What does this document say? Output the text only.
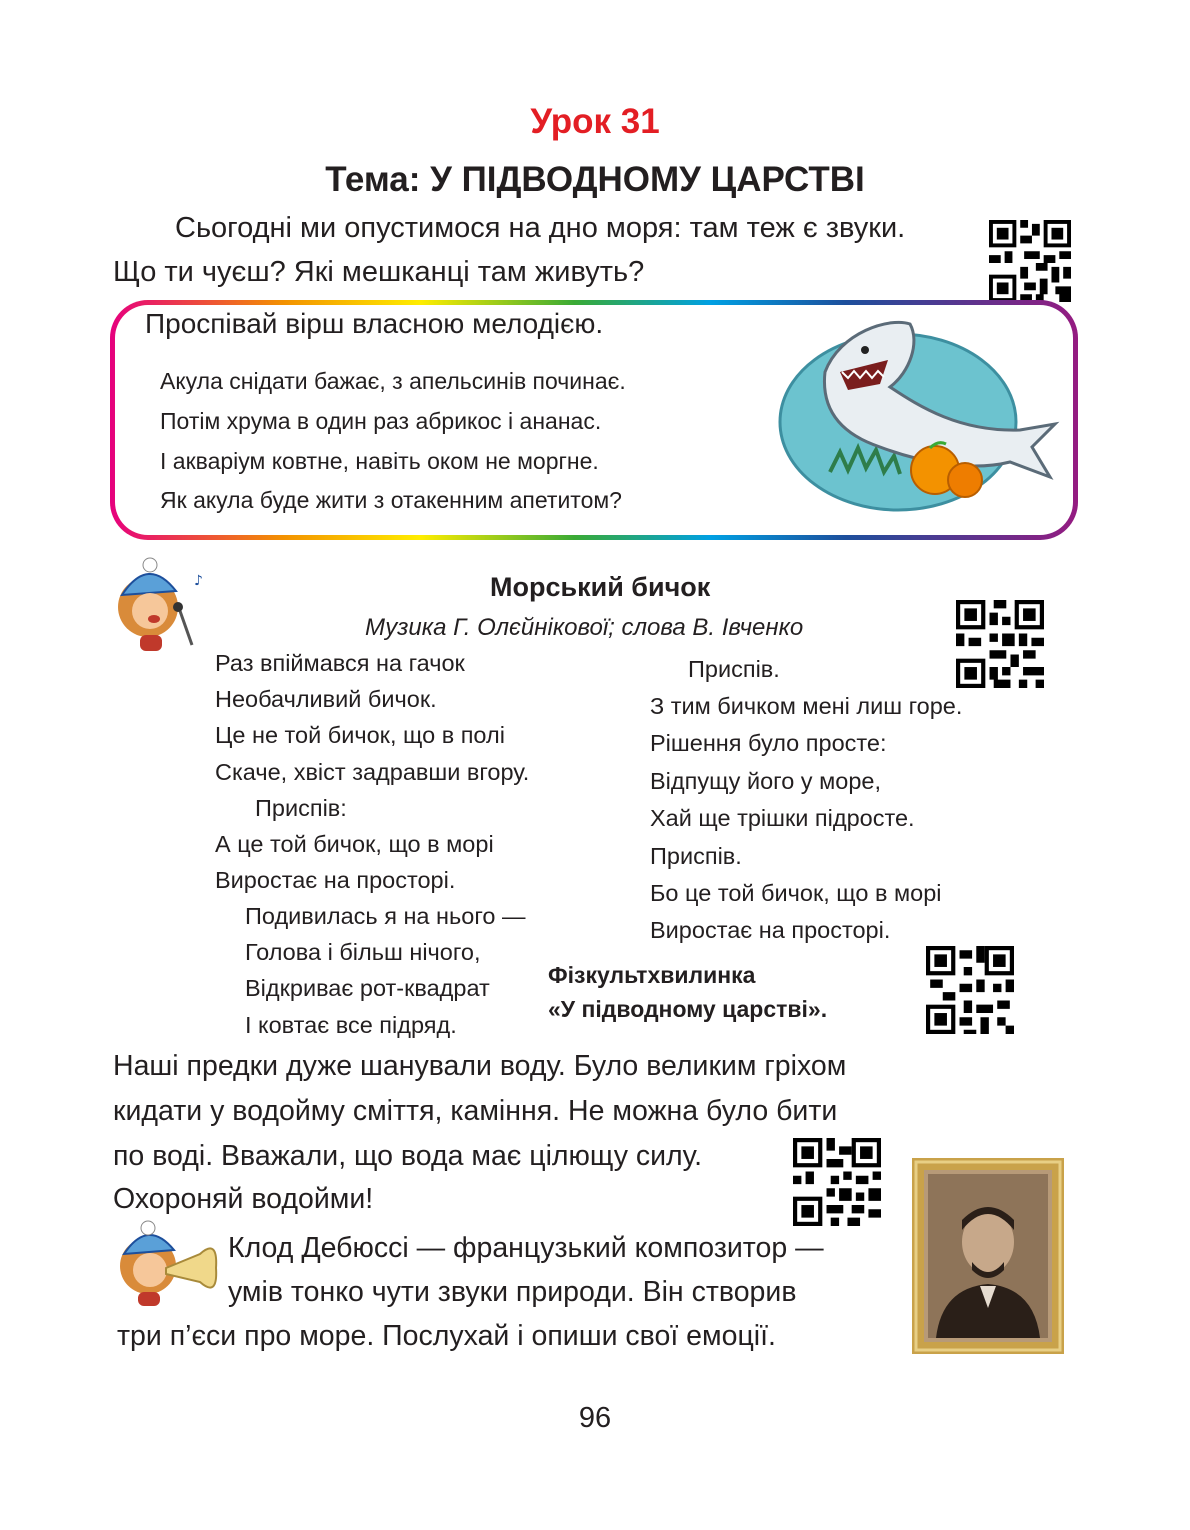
Урок 31
Тема: У ПІДВОДНОМУ ЦАРСТВІ
Сьогодні ми опустимося на дно моря: там теж є звуки.
Що ти чуєш? Які мешканці там живуть?
Проспівай вірш власною мелодією.
Акула снідати бажає, з апельсинів починає.
Потім хрума в один раз абрикос і ананас.
І акваріум ковтне, навіть оком не моргне.
Як акула буде жити з отакенним апетитом?
♪	Морський бичок
Музика Г. Олєйнікової; слова В. Івченко
Раз впіймався на гачок
Необачливий бичок.
Це не той бичок, що в полі
Скаче, хвіст задравши вгору.
Приспів:
А це той бичок, що в морі
Виростає на просторі.
Подивилась я на нього —
Голова і більш нічого,
Відкриває рот-квадрат
І ковтає все підряд.
Приспів.
З тим бичком мені лиш горе.
Рішення було просте:
Відпущу його у море,
Хай ще трішки підросте.
Приспів.
Бо це той бичок, що в морі
Виростає на просторі.
Фізкультхвилинка
«У підводному царстві».
Наші предки дуже шанували воду. Було великим гріхом
кидати у водойму сміття, каміння. Не можна було бити
по воді. Вважали, що вода має цілющу силу.
Охороняй водойми!
Клод Дебюссі — французький композитор —
умів тонко чути звуки природи. Він створив
три п’єси про море. Послухай і опиши свої емоції.
96
